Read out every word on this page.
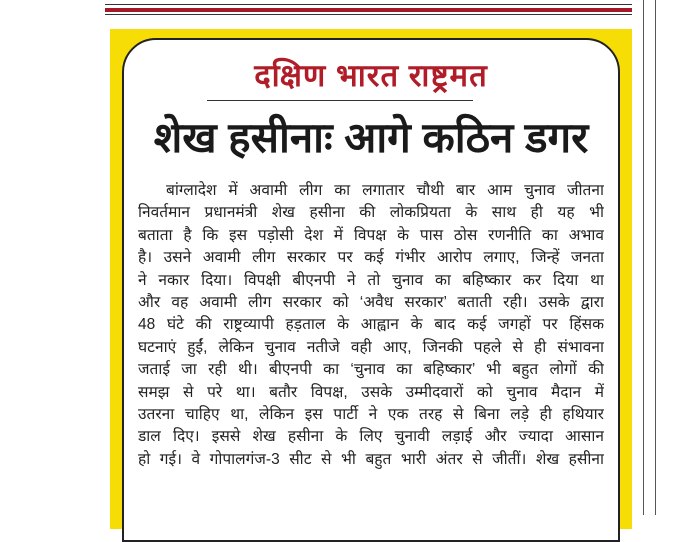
दक्षिण भारत राष्ट्रमत
शेख हसीनाः आगे कठिन डगर
बांग्लादेश में अवामी लीग का लगातार चौथी बार आम चुनाव जीतना
निवर्तमान प्रधानमंत्री शेख हसीना की लोकप्रियता के साथ ही यह भी
बताता है कि इस पड़ोसी देश में विपक्ष के पास ठोस रणनीति का अभाव
है। उसने अवामी लीग सरकार पर कई गंभीर आरोप लगाए, जिन्हें जनता
ने नकार दिया। विपक्षी बीएनपी ने तो चुनाव का बहिष्कार कर दिया था
और वह अवामी लीग सरकार को ‘अवैध सरकार’ बताती रही। उसके द्वारा
48 घंटे की राष्ट्रव्यापी हड़ताल के आह्वान के बाद कई जगहों पर हिंसक
घटनाएं हुईं, लेकिन चुनाव नतीजे वही आए, जिनकी पहले से ही संभावना
जताई जा रही थी। बीएनपी का ‘चुनाव का बहिष्कार’ भी बहुत लोगों की
समझ से परे था। बतौर विपक्ष, उसके उम्मीदवारों को चुनाव मैदान में
उतरना चाहिए था, लेकिन इस पार्टी ने एक तरह से बिना लड़े ही हथियार
डाल दिए। इससे शेख हसीना के लिए चुनावी लड़ाई और ज्यादा आसान
हो गई। वे गोपालगंज-3 सीट से भी बहुत भारी अंतर से जीतीं। शेख हसीना
